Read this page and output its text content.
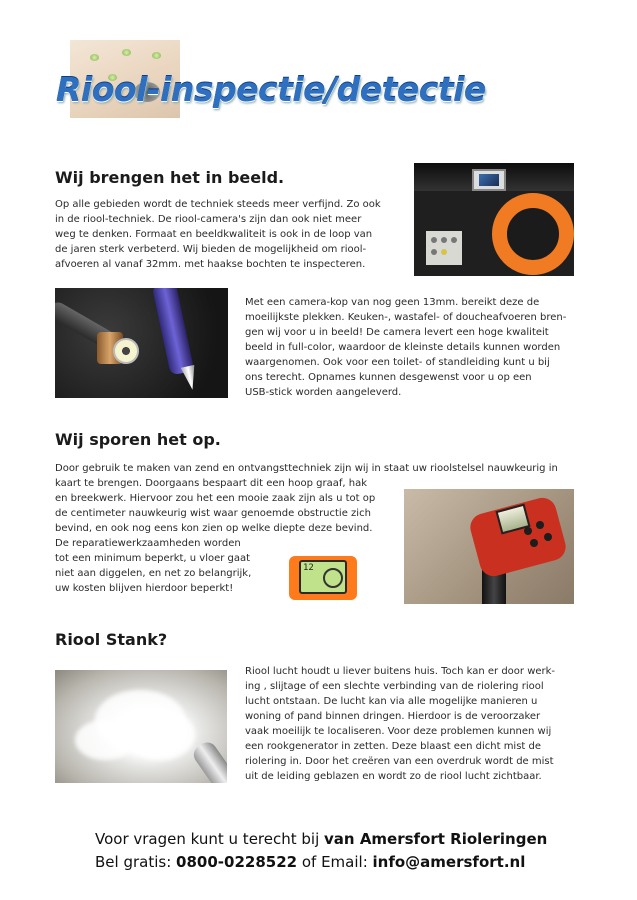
Riool-inspectie/detectie
Wij brengen het in beeld.
Op alle gebieden wordt de techniek steeds meer verfijnd. Zo ook
in de riool-techniek. De riool-camera's zijn dan ook niet meer
weg te denken. Formaat en beeldkwaliteit is ook in de loop van
de jaren sterk verbeterd. Wij bieden de mogelijkheid om riool-
afvoeren al vanaf 32mm. met haakse bochten te inspecteren.
Met een camera-kop van nog geen 13mm. bereikt deze de
moeilijkste plekken. Keuken-, wastafel- of doucheafvoeren bren-
gen wij voor u in beeld! De camera levert een hoge kwaliteit
beeld in full-color, waardoor de kleinste details kunnen worden
waargenomen. Ook voor een toilet- of standleiding kunt u bij
ons terecht. Opnames kunnen desgewenst voor u op een
USB-stick worden aangeleverd.
Wij sporen het op.
Door gebruik te maken van zend en ontvangsttechniek zijn wij in staat uw rioolstelsel nauwkeurig in
kaart te brengen. Doorgaans bespaart dit een hoop graaf, hak
en breekwerk. Hiervoor zou het een mooie zaak zijn als u tot op
de centimeter nauwkeurig wist waar genoemde obstructie zich
bevind, en ook nog eens kon zien op welke diepte deze bevind.
De reparatiewerkzaamheden worden
tot een minimum beperkt, u vloer gaat
niet aan diggelen, en net zo belangrijk,
uw kosten blijven hierdoor beperkt!
12
Riool Stank?
Riool lucht houdt u liever buitens huis. Toch kan er door werk-
ing , slijtage of een slechte verbinding van de riolering riool
lucht ontstaan. De lucht kan via alle mogelijke manieren u
woning of pand binnen dringen. Hierdoor is de veroorzaker
vaak moeilijk te localiseren. Voor deze problemen kunnen wij
een rookgenerator in zetten. Deze blaast een dicht mist de
riolering in. Door het creëren van een overdruk wordt de mist
uit de leiding geblazen en wordt zo de riool lucht zichtbaar.
Voor vragen kunt u terecht bij van Amersfort Rioleringen
Bel gratis: 0800-0228522 of Email: info@amersfort.nl
